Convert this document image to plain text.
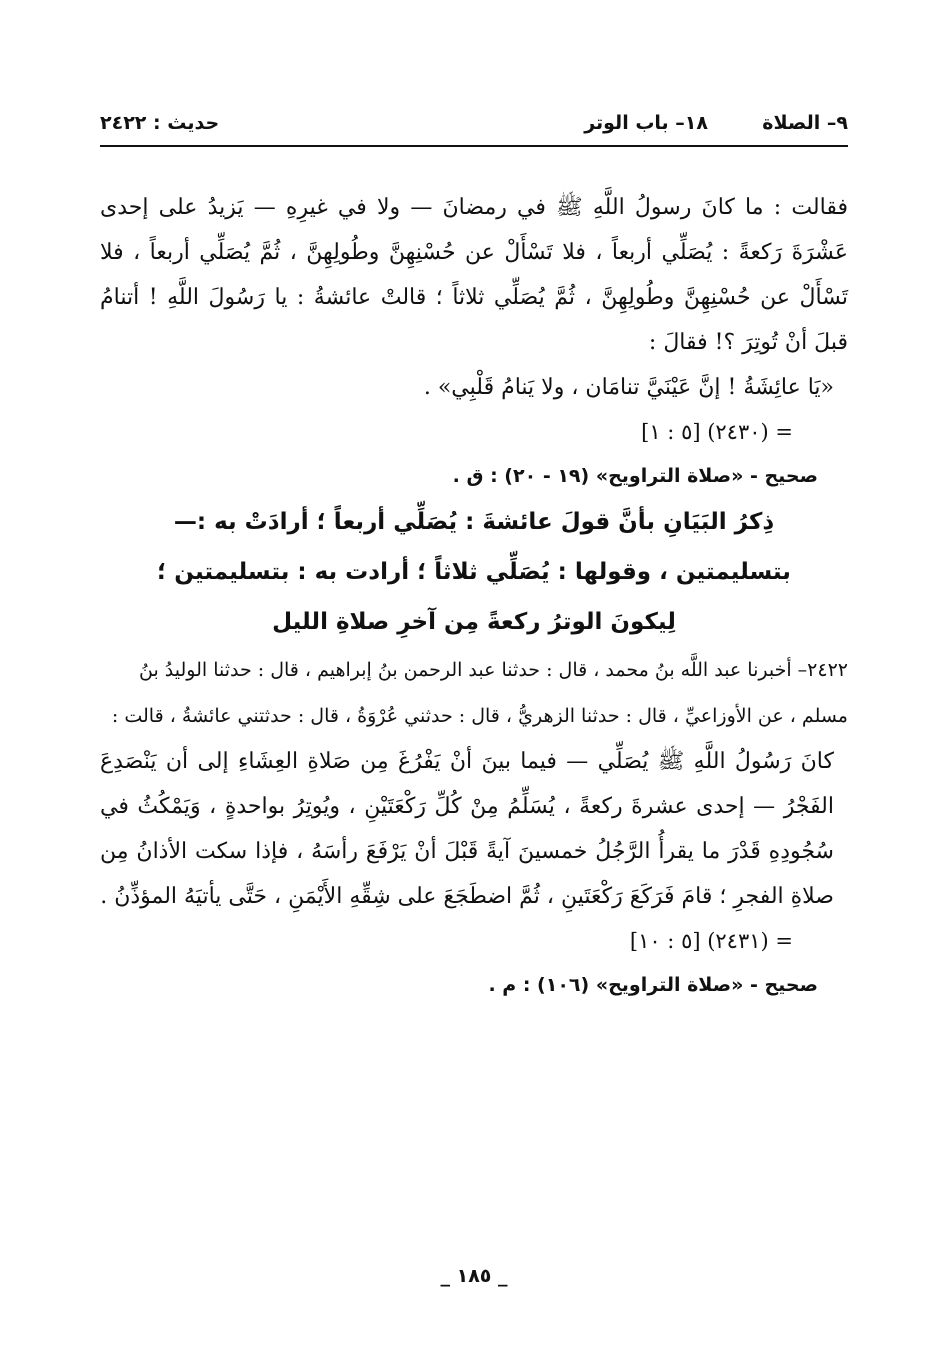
٩– الصلاة
١٨– باب الوتر
حديث : ٢٤٢٢

فقالت : ما كانَ رسولُ اللَّهِ ﷺ في رمضانَ — ولا في غيرِهِ — يَزيدُ على إحدى عَشْرَةَ رَكعةً : يُصَلِّي أربعاً ، فلا تَسْأَلْ عن حُسْنِهِنَّ وطُولِهِنَّ ، ثُمَّ يُصَلِّي أربعاً ، فلا تَسْأَلْ عن حُسْنِهِنَّ وطُولِهِنَّ ، ثُمَّ يُصَلِّي ثلاثاً ؛ قالتْ عائشةُ : يا رَسُولَ اللَّهِ ! أتنامُ قبلَ أنْ تُوتِرَ ؟! فقالَ :

«يَا عائِشَةُ ! إنَّ عَيْنَيَّ تنامَان ، ولا يَنامُ قَلْبِي» .

= (٢٤٣٠) [٥ : ١]

صحيح - «صلاة التراويح» (١٩ - ٢٠) : ق .

ذِكرُ البَيَانِ بأنَّ قولَ عائشةَ : يُصَلِّي أربعاً ؛ أرادَتْ به :—

بتسليمتين ، وقولها : يُصَلِّي ثلاثاً ؛ أرادت به : بتسليمتين ؛

لِيكونَ الوترُ ركعةً مِن آخرِ صلاةِ الليل

٢٤٢٢– أخبرنا عبد اللَّه بنُ محمد ، قال : حدثنا عبد الرحمن بنُ إبراهيم ، قال : حدثنا الوليدُ بنُ مسلم ، عن الأوزاعيِّ ، قال : حدثنا الزهريُّ ، قال : حدثني عُرْوَةُ ، قال : حدثتني عائشةُ ، قالت :

كانَ رَسُولُ اللَّهِ ﷺ يُصَلِّي — فيما بينَ أنْ يَفْرُغَ مِن صَلاةِ العِشَاءِ إلى أن يَنْصَدِعَ الفَجْرُ — إحدى عشرةَ ركعةً ، يُسَلِّمُ مِنْ كُلِّ رَكْعَتَيْنِ ، ويُوتِرُ بواحدةٍ ، وَيَمْكُثُ في سُجُودِهِ قَدْرَ ما يقرأُ الرَّجُلُ خمسينَ آيةً قَبْلَ أنْ يَرْفَعَ رأسَهُ ، فإذا سكت الأذانُ مِن صلاةِ الفجرِ ؛ قامَ فَرَكَعَ رَكْعَتَينِ ، ثُمَّ اضطَجَعَ على شِقِّهِ الأَيْمَنِ ، حَتَّى يأتيَهُ المؤذِّنُ .

= (٢٤٣١) [٥ : ١٠]

صحيح - «صلاة التراويح» (١٠٦) : م .

_ ١٨٥ _
